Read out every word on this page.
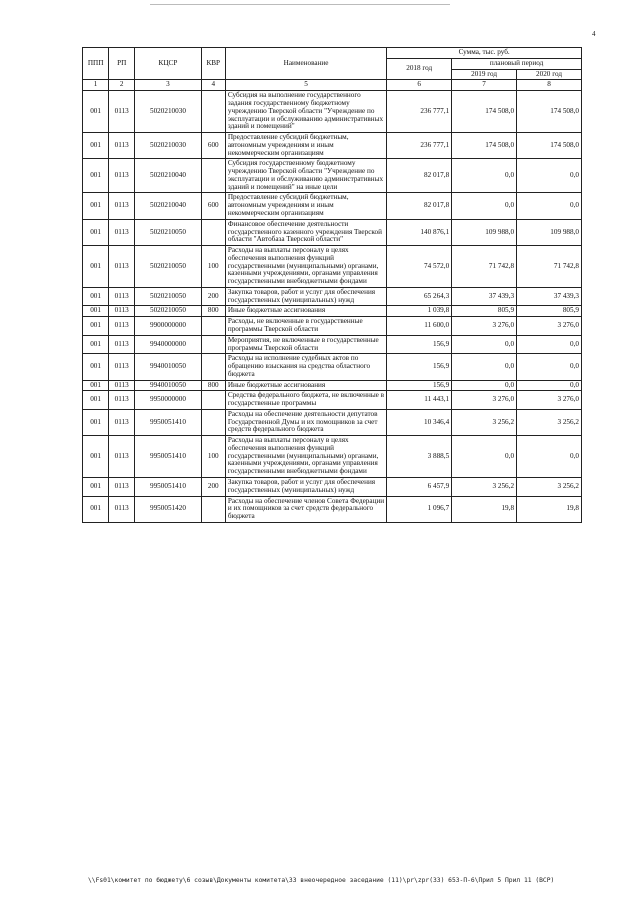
4
ППП	РП	КЦСР	КВР	Наименование	Сумма, тыс. руб.		
					2018 год	плановый период	
						2019 год	2020 год
1	2	3	4	5	6	7	8
001	0113	5020210030		Субсидия на выполнение государственного задания государственному бюджетному учреждению Тверской области "Учреждение по эксплуатации и обслуживанию административных зданий и помещений"	236 777,1	174 508,0	174 508,0
001	0113	5020210030	600	Предоставление субсидий бюджетным, автономным учреждениям и иным некоммерческим организациям	236 777,1	174 508,0	174 508,0
001	0113	5020210040		Субсидия государственному бюджетному учреждению Тверской области "Учреждение по эксплуатации и обслуживанию административных зданий и помещений" на иные цели	82 017,8	0,0	0,0
001	0113	5020210040	600	Предоставление субсидий бюджетным, автономным учреждениям и иным некоммерческим организациям	82 017,8	0,0	0,0
001	0113	5020210050		Финансовое обеспечение деятельности государственного казенного учреждения Тверской области "Автобаза Тверской области"	140 876,1	109 988,0	109 988,0
001	0113	5020210050	100	Расходы на выплаты персоналу в целях обеспечения выполнения функций государственными (муниципальными) органами, казенными учреждениями, органами управления государственными внебюджетными фондами	74 572,0	71 742,8	71 742,8
001	0113	5020210050	200	Закупка товаров, работ и услуг для обеспечения государственных (муниципальных) нужд	65 264,3	37 439,3	37 439,3
001	0113	5020210050	800	Иные бюджетные ассигнования	1 039,8	805,9	805,9
001	0113	9900000000		Расходы, не включенные в государственные программы Тверской области	11 600,0	3 276,0	3 276,0
001	0113	9940000000		Мероприятия, не включенные в государственные программы Тверской области	156,9	0,0	0,0
001	0113	9940010050		Расходы на исполнение судебных актов по обращению взыскания на средства областного бюджета	156,9	0,0	0,0
001	0113	9940010050	800	Иные бюджетные ассигнования	156,9	0,0	0,0
001	0113	9950000000		Средства федерального бюджета, не включенные в государственные программы	11 443,1	3 276,0	3 276,0
001	0113	9950051410		Расходы на обеспечение деятельности депутатов Государственной Думы и их помощников за счет средств федерального бюджета	10 346,4	3 256,2	3 256,2
001	0113	9950051410	100	Расходы на выплаты персоналу в целях обеспечения выполнения функций государственными (муниципальными) органами, казенными учреждениями, органами управления государственными внебюджетными фондами	3 888,5	0,0	0,0
001	0113	9950051410	200	Закупка товаров, работ и услуг для обеспечения государственных (муниципальных) нужд	6 457,9	3 256,2	3 256,2
001	0113	9950051420		Расходы на обеспечение членов Совета Федерации и их помощников за счет средств федерального бюджета	1 096,7	19,8	19,8
\\Fs01\комитет по бюджету\6 созыв\Документы комитета\33 внеочередное заседание (11)\pr\zpr(33) 653-П-6\Прил 5 Прил 11 (ВСР)
